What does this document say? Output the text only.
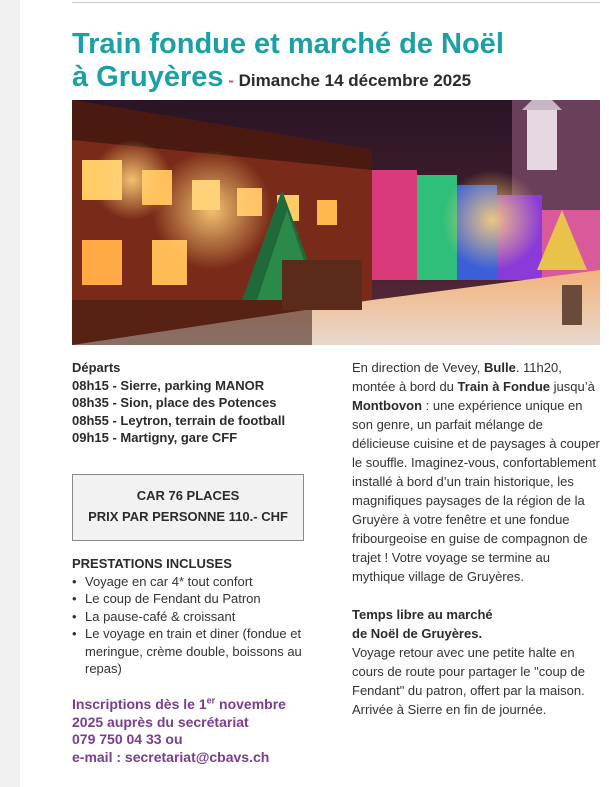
Train fondue et marché de Noël
à Gruyères - Dimanche 14 décembre 2025
Départs
08h15 - Sierre, parking MANOR
08h35 - Sion, place des Potences
08h55 - Leytron, terrain de football
09h15 - Martigny, gare CFF
CAR 76 PLACES
PRIX PAR PERSONNE 110.- CHF
PRESTATIONS INCLUSES
• Voyage en car 4* tout confort
• Le coup de Fendant du Patron
• La pause-café & croissant
• Le voyage en train et diner (fondue et meringue, crème double, boissons au repas)
Inscriptions dès le 1er novembre
2025 auprès du secrétariat
079 750 04 33 ou
e-mail : secretariat@cbavs.ch

En direction de Vevey, Bulle. 11h20, montée à bord du Train à Fondue jusqu’à Montbovon : une expérience unique en son genre, un parfait mélange de délicieuse cuisine et de paysages à couper le souffle. Imaginez-vous, confortablement installé à bord d’un train historique, les magnifiques paysages de la région de la Gruyère à votre fenêtre et une fondue fribourgeoise en guise de compagnon de trajet ! Votre voyage se termine au mythique village de Gruyères.

Temps libre au marché
de Noël de Gruyères.
Voyage retour avec une petite halte en cours de route pour partager le "coup de Fendant" du patron, offert par la maison.
Arrivée à Sierre en fin de journée.
